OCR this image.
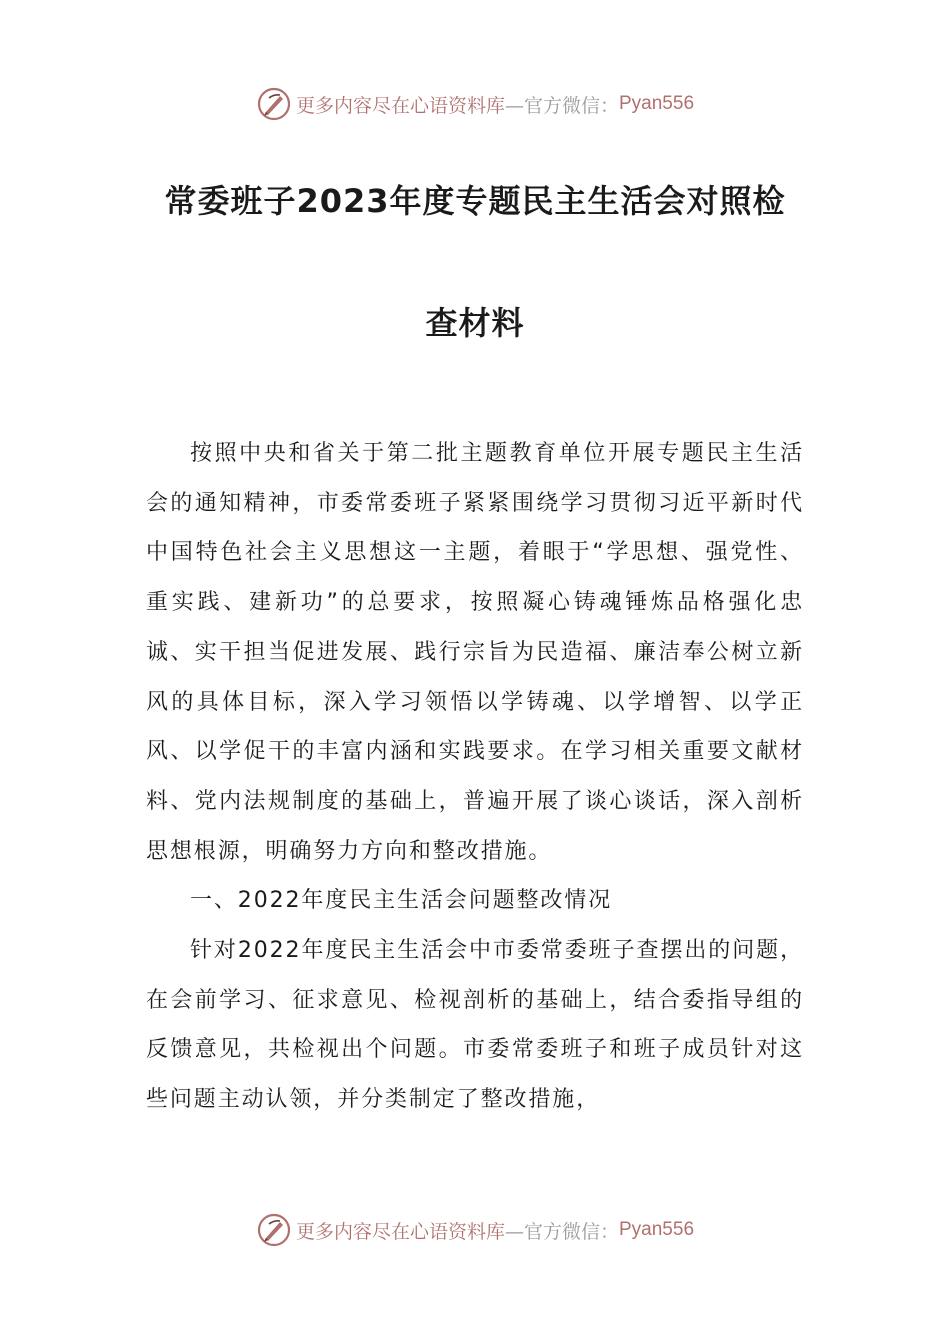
更多内容尽在心语资料库 —官方微信： Pyan556
常委班子2023年度专题民主生活会对照检
查材料

按照中央和省关于第二批主题教育单位开展专题民主生活会的通知精神，市委常委班子紧紧围绕学习贯彻习近平新时代中国特色社会主义思想这一主题，着眼于“学思想、强党性、重实践、建新功”的总要求，按照凝心铸魂锤炼品格强化忠诚、实干担当促进发展、践行宗旨为民造福、廉洁奉公树立新风的具体目标，深入学习领悟以学铸魂、以学增智、以学正风、以学促干的丰富内涵和实践要求。在学习相关重要文献材料、党内法规制度的基础上，普遍开展了谈心谈话，深入剖析思想根源，明确努力方向和整改措施。

一、2022年度民主生活会问题整改情况

针对2022年度民主生活会中市委常委班子查摆出的问题，在会前学习、征求意见、检视剖析的基础上，结合委指导组的反馈意见，共检视出个问题。市委常委班子和班子成员针对这些问题主动认领，并分类制定了整改措施，

更多内容尽在心语资料库 —官方微信： Pyan556
